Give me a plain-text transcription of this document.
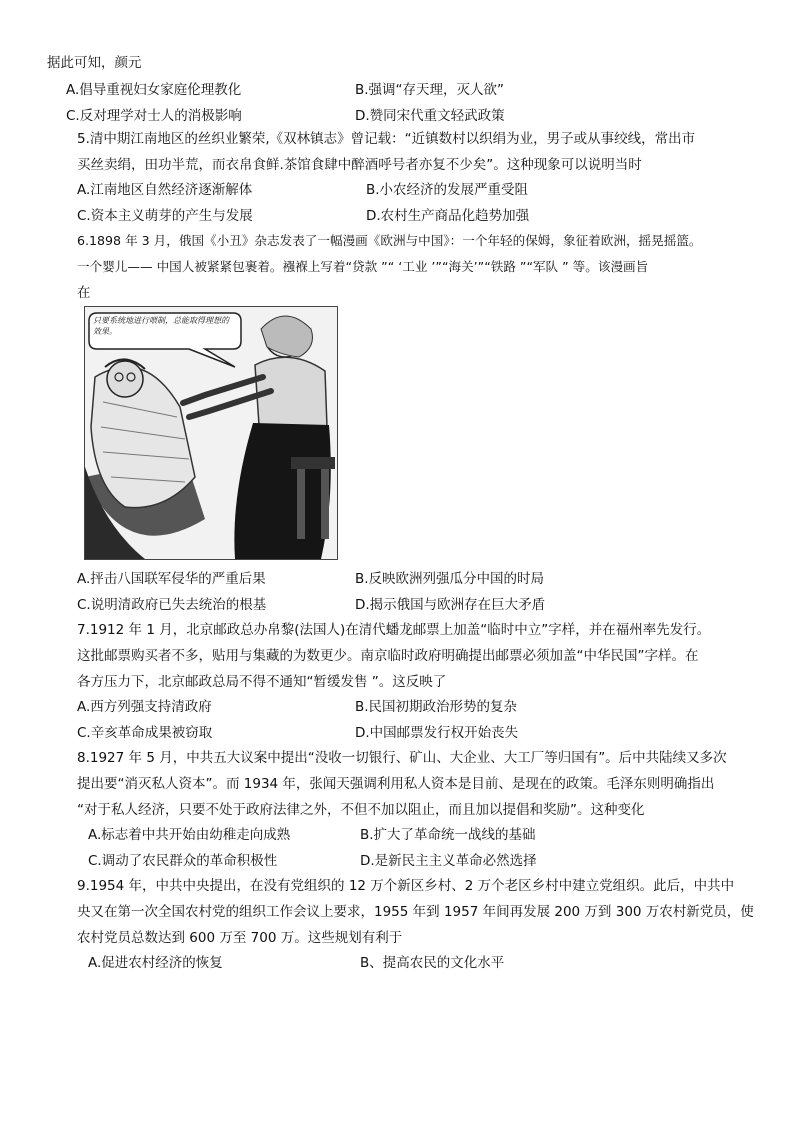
据此可知，颜元
A.倡导重视妇女家庭伦理教化	B.强调“存天理，灭人欲”
C.反对理学对士人的消极影响	D.赞同宋代重文轻武政策
5.清中期江南地区的丝织业繁荣,《双林镇志》曾记载：“近镇数村以织绢为业，男子或从事绞线，常出市
买丝卖绢，田功半荒，而衣帛食鲜.茶馆食肆中醉酒呼号者亦复不少矣”。这种现象可以说明当时
A.江南地区自然经济逐渐解体	B.小农经济的发展严重受阻
C.资本主义萌芽的产生与发展	D.农村生产商品化趋势加强
6.1898 年 3 月，俄国《小丑》杂志发表了一幅漫画《欧洲与中国》：一个年轻的保姆，象征着欧洲，摇晃摇篮。
一个婴儿—— 中国人被紧紧包裹着。襁褓上写着“贷款 ”“ ‘工业 ’”“海关’”“铁路 ”“军队 ” 等。该漫画旨
在
只要系统地进行喂制，总能取得理想的效果。
A.抨击八国联军侵华的严重后果	B.反映欧洲列强瓜分中国的时局
C.说明清政府已失去统治的根基	D.揭示俄国与欧洲存在巨大矛盾
7.1912 年 1 月，北京邮政总办帛黎(法国人)在清代蟠龙邮票上加盖“临时中立”字样，并在福州率先发行。
这批邮票购买者不多，贴用与集藏的为数更少。南京临时政府明确提出邮票必须加盖“中华民国”字样。在
各方压力下，北京邮政总局不得不通知“暂缓发售 ”。这反映了
A.西方列强支持清政府	B.民国初期政治形势的复杂
C.辛亥革命成果被窃取	D.中国邮票发行权开始丧失
8.1927 年 5 月，中共五大议案中提出“没收一切银行、矿山、大企业、大工厂等归国有”。后中共陆续又多次
提出要“消灭私人资本”。而 1934 年，张闻天强调利用私人资本是目前、是现在的政策。毛泽东则明确指出
“对于私人经济，只要不处于政府法律之外，不但不加以阻止，而且加以提倡和奖励”。这种变化
A.标志着中共开始由幼稚走向成熟	B.扩大了革命统一战线的基础
C.调动了农民群众的革命积极性	D.是新民主主义革命必然选择
9.1954 年，中共中央提出，在没有党组织的 12 万个新区乡村、2 万个老区乡村中建立党组织。此后，中共中
央又在第一次全国农村党的组织工作会议上要求，1955 年到 1957 年间再发展 200 万到 300 万农村新党员，使
农村党员总数达到 600 万至 700 万。这些规划有利于
A.促进农村经济的恢复	B、提高农民的文化水平
